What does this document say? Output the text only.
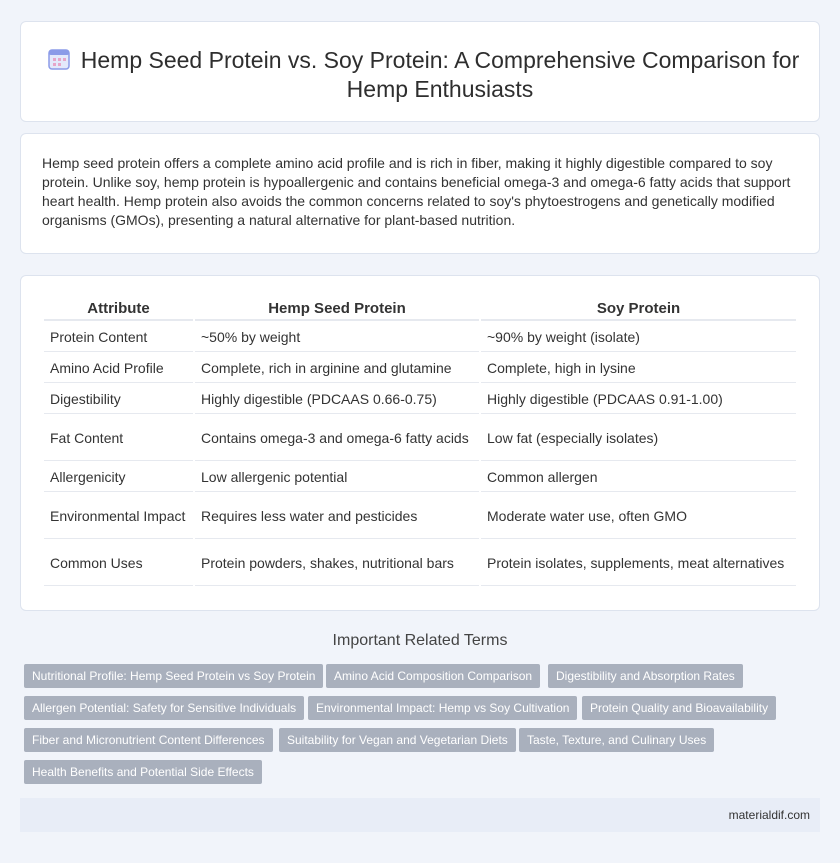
Hemp Seed Protein vs. Soy Protein: A Comprehensive Comparison for Hemp Enthusiasts

Hemp seed protein offers a complete amino acid profile and is rich in fiber, making it highly digestible compared to soy protein. Unlike soy, hemp protein is hypoallergenic and contains beneficial omega-3 and omega-6 fatty acids that support heart health. Hemp protein also avoids the common concerns related to soy's phytoestrogens and genetically modified organisms (GMOs), presenting a natural alternative for plant-based nutrition.

Attribute	Hemp Seed Protein	Soy Protein
Protein Content	~50% by weight	~90% by weight (isolate)
Amino Acid Profile	Complete, rich in arginine and glutamine	Complete, high in lysine
Digestibility	Highly digestible (PDCAAS 0.66-0.75)	Highly digestible (PDCAAS 0.91-1.00)
Fat Content	Contains omega-3 and omega-6 fatty acids	Low fat (especially isolates)
Allergenicity	Low allergenic potential	Common allergen
Environmental Impact	Requires less water and pesticides	Moderate water use, often GMO
Common Uses	Protein powders, shakes, nutritional bars	Protein isolates, supplements, meat alternatives
Important Related Terms
Nutritional Profile: Hemp Seed Protein vs Soy Protein	Amino Acid Composition Comparison	Digestibility and Absorption Rates
Allergen Potential: Safety for Sensitive Individuals	Environmental Impact: Hemp vs Soy Cultivation	Protein Quality and Bioavailability
Fiber and Micronutrient Content Differences	Suitability for Vegan and Vegetarian Diets	Taste, Texture, and Culinary Uses
Health Benefits and Potential Side Effects
materialdif.com
